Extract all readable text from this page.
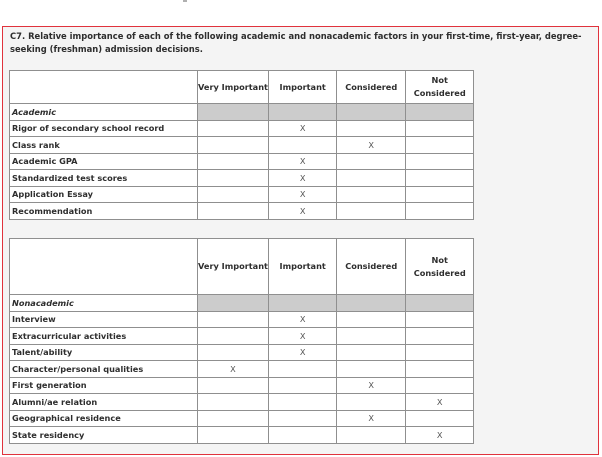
C7. Relative importance of each of the following academic and nonacademic factors in your first-time, first-year, degree-seeking (freshman) admission decisions.
	Very Important	Important	Considered	Not Considered
Academic				
Rigor of secondary school record		X		
Class rank			X	
Academic GPA		X		
Standardized test scores		X		
Application Essay		X		
Recommendation		X		
	Very Important	Important	Considered	Not Considered
Nonacademic				
Interview		X		
Extracurricular activities		X		
Talent/ability		X		
Character/personal qualities	X			
First generation			X	
Alumni/ae relation				X
Geographical residence			X	
State residency				X
